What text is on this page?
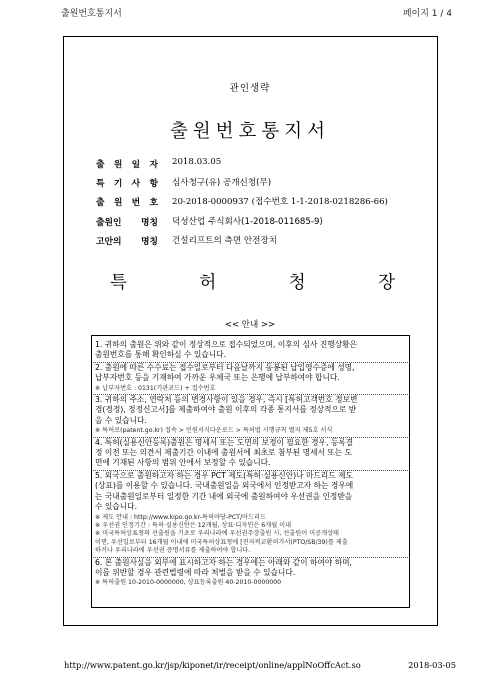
출원번호통지서	페이지 1 / 4
관인생략
출원번호통지서
출 원 일 자 2018.03.05
특 기 사 항 심사청구(유) 공개신청(무)
출 원 번 호 20-2018-0000937 (접수번호 1-1-2018-0218286-66)
출원인 명칭 덕성산업 주식회사(1-2018-011685-9)
고안의 명칭 건설리프트의 측면 안전장치
특	허	청	장
<< 안내 >>
1. 귀하의 출원은 위와 같이 정상적으로 접수되었으며, 이후의 심사 진행상황은
출원번호를 통해 확인하실 수 있습니다.
2. 출원에 따른 수수료는 접수일로부터 다음날까지 동봉된 납입영수증에 성명,
납부자번호 등을 기재하여 가까운 우체국 또는 은행에 납부하여야 합니다.
※ 납부자번호 : 0131(기관코드) + 접수번호
3. 귀하의 주소, 연락처 등의 변경사항이 있을 경우, 즉시 [특허고객번호 정보변
경(경정), 정정신고서]를 제출하여야 출원 이후의 각종 통지서를 정상적으로 받
을 수 있습니다.
※ 특허로(patent.go.kr) 접속 > 민원서식다운로드 > 특허법 시행규칙 별지 제5호 서식
4. 특허(실용신안등록)출원은 명세서 또는 도면의 보정이 필요한 경우, 등록결
정 이전 또는 의견서 제출기간 이내에 출원서에 최초로 첨부된 명세서 또는 도
면에 기재된 사항의 범위 안에서 보정할 수 있습니다.
5. 외국으로 출원하고자 하는 경우 PCT 제도(특허·실용신안)나 마드리드 제도
(상표)를 이용할 수 있습니다. 국내출원일을 외국에서 인정받고자 하는 경우에
는 국내출원일로부터 일정한 기간 내에 외국에 출원하여야 우선권을 인정받을
수 있습니다.
※ 제도 안내 : http://www.kipo.go.kr-특허마당-PCT/마드리드
※ 우선권 인정기간 : 특허·실용신안은 12개월, 상표·디자인은 6개월 이내
※ 미국특허상표청의 선출원을 기초로 우리나라에 우선권주장출원 시, 선출원이 미공개상태
이면, 우선일로부터 16개월 이내에 미국특허상표청에 [전자적교환허가서(PTO/SB/39)를 제출
하거나 우리나라에 우선권 증명서류를 제출하여야 합니다.
6. 본 출원사실을 외부에 표시하고자 하는 경우에는 아래와 같이 하여야 하며,
이를 위반할 경우 관련법령에 따라 처벌을 받을 수 있습니다.
※ 특허출원 10-2010-0000000, 상표등록출원 40-2010-0000000
http://www.patent.go.kr/jsp/kiponet/ir/receipt/online/applNoOffcAct.so	2018-03-05
